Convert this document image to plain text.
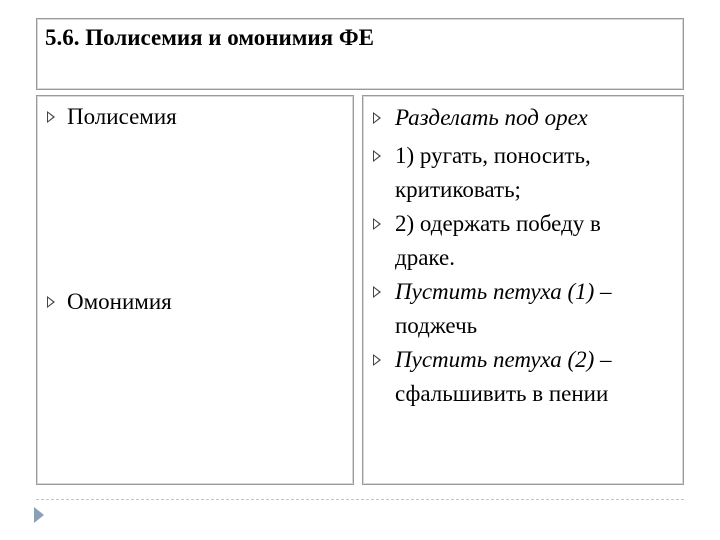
5.6. Полисемия и омонимия ФЕ
Полисемия
Омонимия
Разделать под орех
1) ругать, поносить,
критиковать;
2) одержать победу в
драке.
Пустить петуха (1) –
поджечь
Пустить петуха (2) –
сфальшивить в пении
